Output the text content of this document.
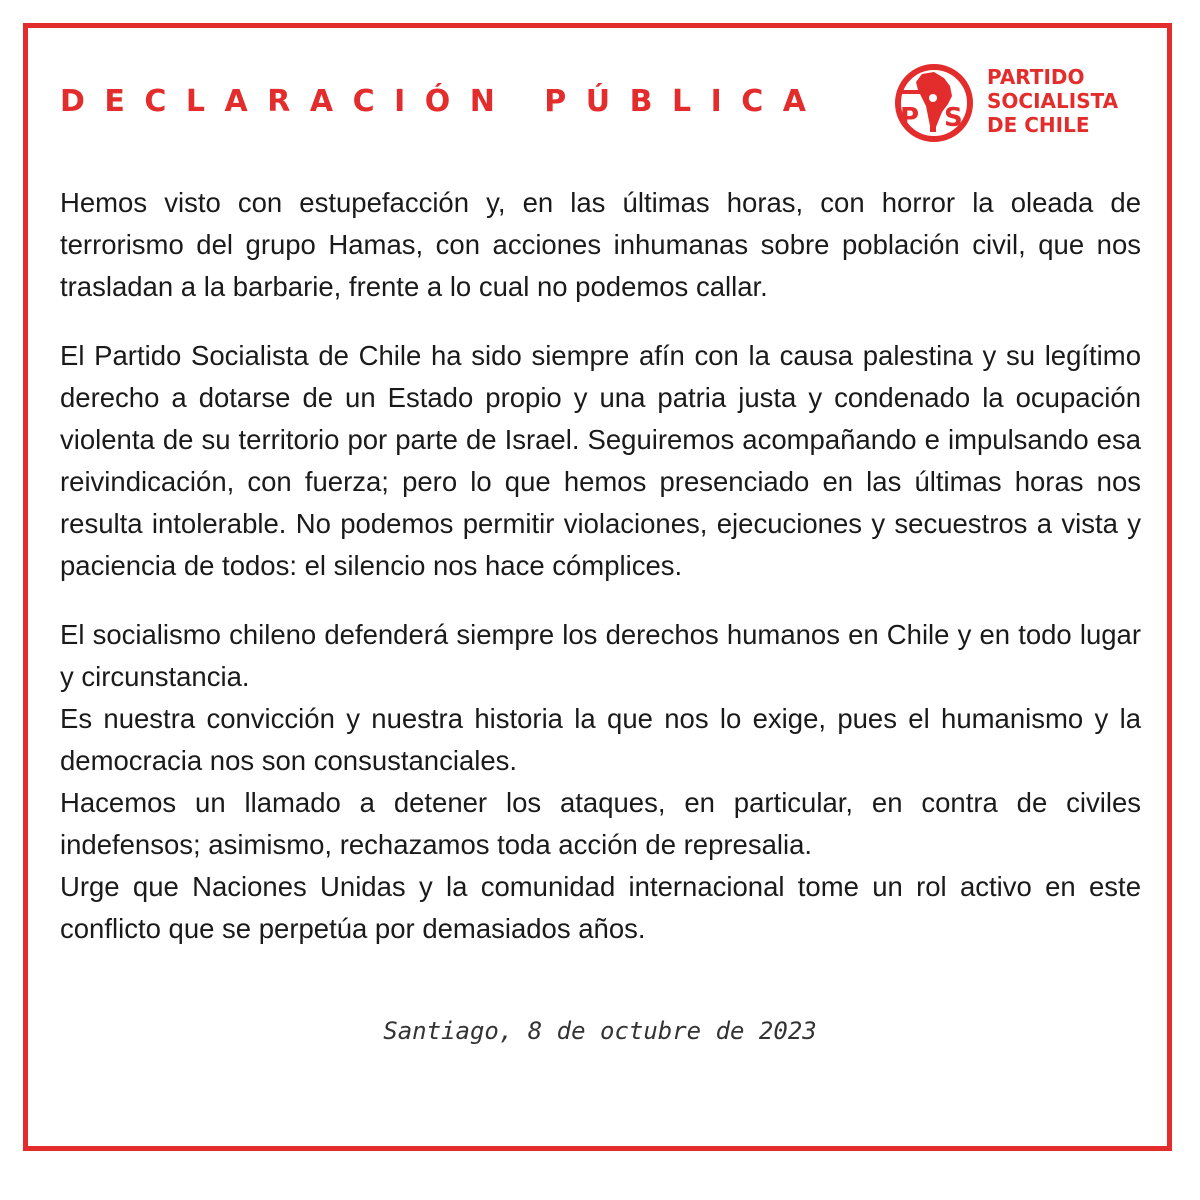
DECLARACIÓN PÚBLICA	P S
PARTIDO
SOCIALISTA
DE CHILE

Hemos visto con estupefacción y, en las últimas horas, con horror la oleada de terrorismo del grupo Hamas, con acciones inhumanas sobre población civil, que nos trasladan a la barbarie, frente a lo cual no podemos callar.

El Partido Socialista de Chile ha sido siempre afín con la causa palestina y su legítimo derecho a dotarse de un Estado propio y una patria justa y condenado la ocupación violenta de su territorio por parte de Israel. Seguiremos acompañando e impulsando esa reivindicación, con fuerza; pero lo que hemos presenciado en las últimas horas nos resulta intolerable. No podemos permitir violaciones, ejecuciones y secuestros a vista y paciencia de todos: el silencio nos hace cómplices.

El socialismo chileno defenderá siempre los derechos humanos en Chile y en todo lugar y circunstancia.

Es nuestra convicción y nuestra historia la que nos lo exige, pues el humanismo y la democracia nos son consustanciales.

Hacemos un llamado a detener los ataques, en particular, en contra de civiles indefensos; asimismo, rechazamos toda acción de represalia.

Urge que Naciones Unidas y la comunidad internacional tome un rol activo en este conflicto que se perpetúa por demasiados años.

Santiago, 8 de octubre de 2023
